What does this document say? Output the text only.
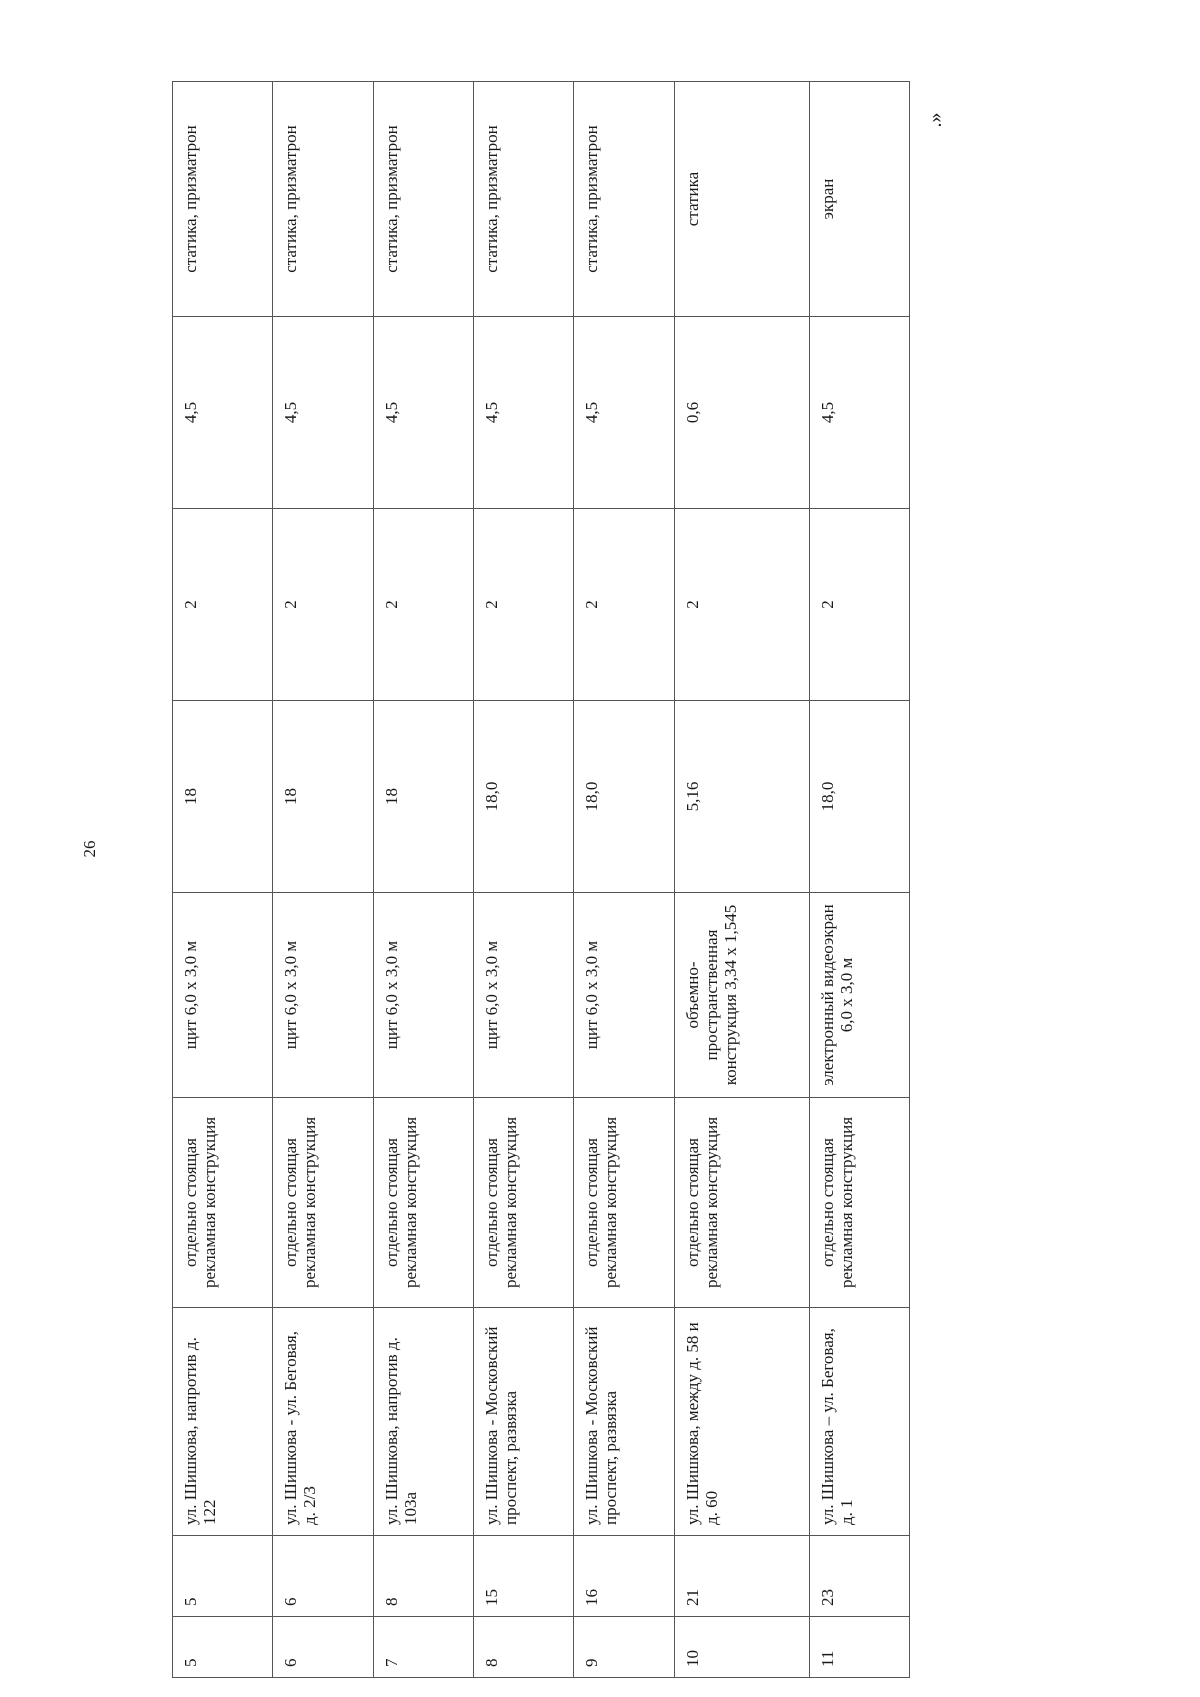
26
5	5	ул. Шишкова, напротив д. 122	отдельно стоящая рекламная конструкция	щит 6,0 х 3,0 м	18	2	4,5	статика, призматрон
6	6	ул. Шишкова - ул. Беговая, д. 2/3	отдельно стоящая рекламная конструкция	щит 6,0 х 3,0 м	18	2	4,5	статика, призматрон
7	8	ул. Шишкова, напротив д. 103а	отдельно стоящая рекламная конструкция	щит 6,0 х 3,0 м	18	2	4,5	статика, призматрон
8	15	ул. Шишкова - Московский проспект, развязка	отдельно стоящая рекламная конструкция	щит 6,0 х 3,0 м	18,0	2	4,5	статика, призматрон
9	16	ул. Шишкова - Московский проспект, развязка	отдельно стоящая рекламная конструкция	щит 6,0 х 3,0 м	18,0	2	4,5	статика, призматрон
10	21	ул. Шишкова, между д. 58 и д. 60	отдельно стоящая рекламная конструкция	объемно-пространственная конструкция 3,34 х 1,545	5,16	2	0,6	статика
11	23	ул. Шишкова – ул. Беговая, д. 1	отдельно стоящая рекламная конструкция	электронный видеоэкран 6,0 х 3,0 м	18,0	2	4,5	экран
.»
